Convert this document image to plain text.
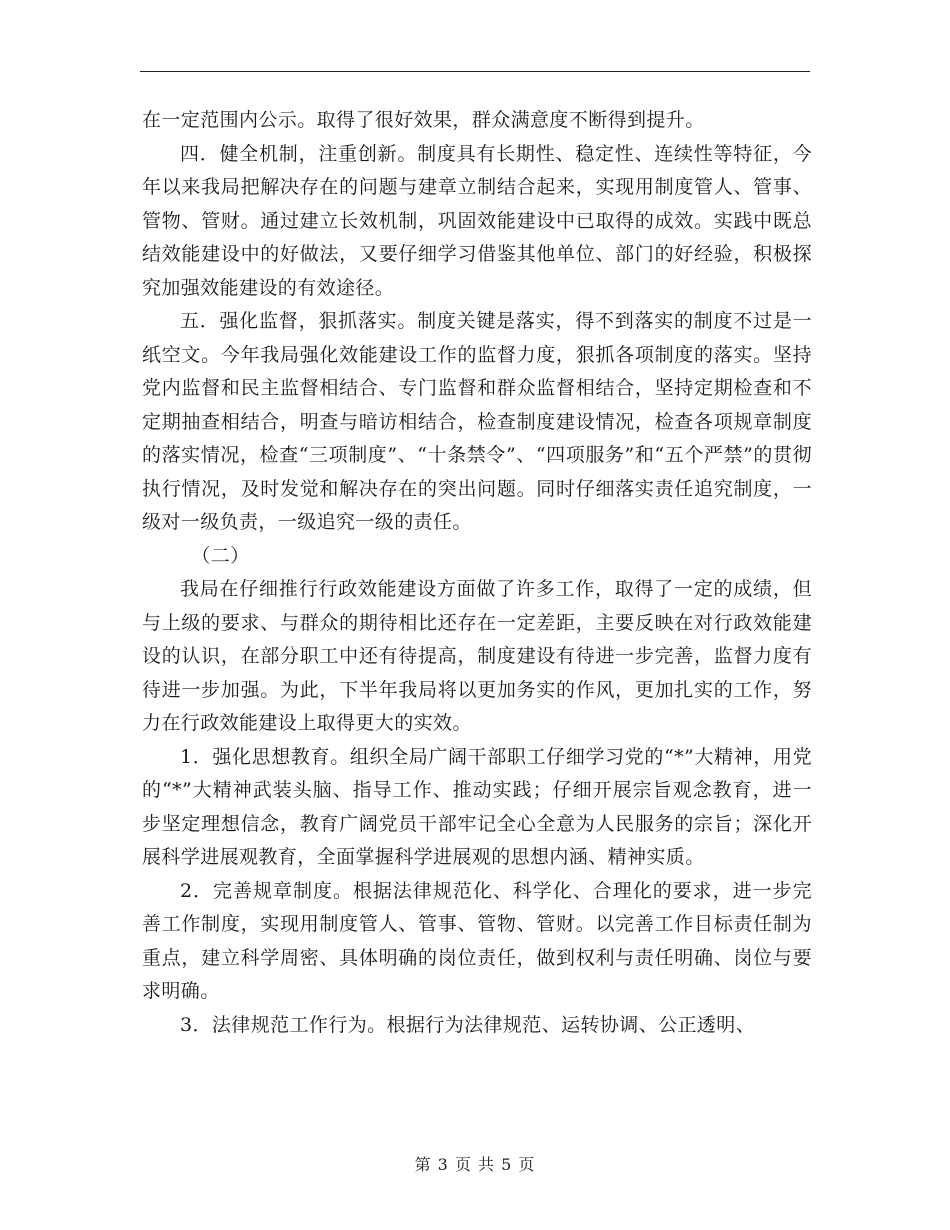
在一定范围内公示。取得了很好效果，群众满意度不断得到提升。

四．健全机制，注重创新。制度具有长期性、稳定性、连续性等特征，今年以来我局把解决存在的问题与建章立制结合起来，实现用制度管人、管事、管物、管财。通过建立长效机制，巩固效能建设中已取得的成效。实践中既总结效能建设中的好做法，又要仔细学习借鉴其他单位、部门的好经验，积极探究加强效能建设的有效途径。

五．强化监督，狠抓落实。制度关键是落实，得不到落实的制度不过是一纸空文。今年我局强化效能建设工作的监督力度，狠抓各项制度的落实。坚持党内监督和民主监督相结合、专门监督和群众监督相结合，坚持定期检查和不定期抽查相结合，明查与暗访相结合，检查制度建设情况，检查各项规章制度的落实情况，检查“三项制度”、“十条禁令”、“四项服务”和“五个严禁”的贯彻执行情况，及时发觉和解决存在的突出问题。同时仔细落实责任追究制度，一级对一级负责，一级追究一级的责任。

（二）

我局在仔细推行行政效能建设方面做了许多工作，取得了一定的成绩，但与上级的要求、与群众的期待相比还存在一定差距，主要反映在对行政效能建设的认识，在部分职工中还有待提高，制度建设有待进一步完善，监督力度有待进一步加强。为此，下半年我局将以更加务实的作风，更加扎实的工作，努力在行政效能建设上取得更大的实效。

1．强化思想教育。组织全局广阔干部职工仔细学习党的“*”大精神，用党的“*”大精神武装头脑、指导工作、推动实践；仔细开展宗旨观念教育，进一步坚定理想信念，教育广阔党员干部牢记全心全意为人民服务的宗旨；深化开展科学进展观教育，全面掌握科学进展观的思想内涵、精神实质。

2．完善规章制度。根据法律规范化、科学化、合理化的要求，进一步完善工作制度，实现用制度管人、管事、管物、管财。以完善工作目标责任制为重点，建立科学周密、具体明确的岗位责任，做到权利与责任明确、岗位与要求明确。

3．法律规范工作行为。根据行为法律规范、运转协调、公正透明、

第 3 页 共 5 页
